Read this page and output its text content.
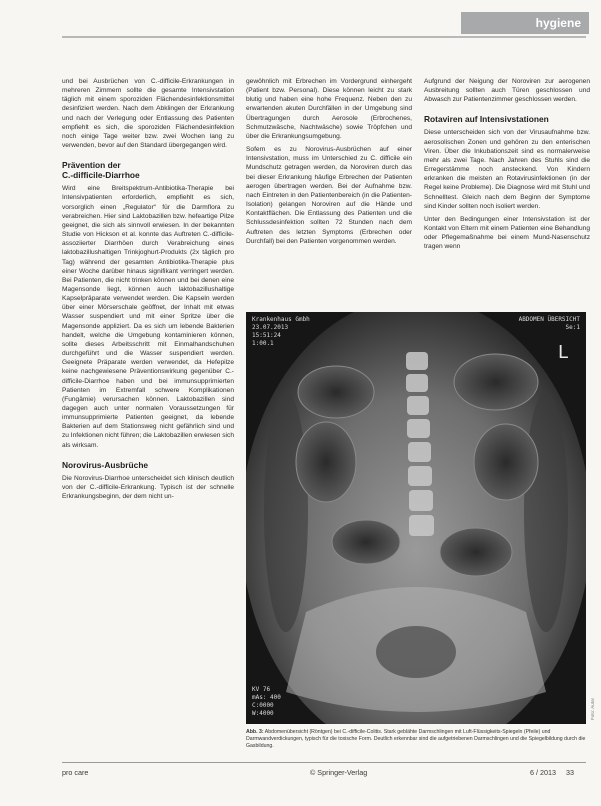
hygiene

und bei Ausbrüchen von C.-difficile-Erkrankungen in mehreren Zimmern sollte die gesamte Intensivstation täglich mit einem sporoziden Flächendesinfektionsmittel desinfiziert werden. Nach dem Abklingen der Erkrankung und nach der Verlegung oder Entlassung des Patienten empfiehlt es sich, die sporoziden Flächendesinfektion noch einige Tage weiter bzw. zwei Wochen lang zu verwenden, bevor auf den Standard übergegangen wird.

Prävention der
C.-difficile-Diarrhoe

Wird eine Breitspektrum-Antibiotika-Therapie bei Intensivpatienten erforderlich, empfiehlt es sich, vorsorglich einen „Regulator“ für die Darmflora zu verabreichen. Hier sind Laktobazillen bzw. hefeartige Pilze geeignet, die sich als sinnvoll erwiesen. In der bekannten Studie von Hickson et al. konnte das Auftreten C.-difficile-assoziierter Diarrhöen durch Verabreichung eines laktobazillushaltigen Trinkjoghurt-Produkts (2x täglich pro Tag) während der gesamten Antibiotika-Therapie plus einer Woche darüber hinaus signifikant verringert werden. Bei Patienten, die nicht trinken können und bei denen eine Magensonde liegt, können auch laktobazillushaltige Kapselpräparate verwendet werden. Die Kapseln werden über einer Mörserschale geöffnet, der Inhalt mit etwas Wasser suspendiert und mit einer Spritze über die Magensonde appliziert. Da es sich um lebende Bakterien handelt, welche die Umgebung kontaminieren können, sollte dieses Arbeitsschritt mit Einmalhandschuhen durchgeführt und die Wasser suspendiert werden. Geeignete Präparate werden verwendet, da Hefepilze keine nachgewiesene Präventionswirkung gegenüber C.-difficile-Diarrhoe haben und bei immunsupprimierten Patienten im Extremfall schwere Komplikationen (Fungämie) verursachen können. Laktobazillen sind dagegen auch unter normalen Voraussetzungen für immunsupprimierte Patienten geeignet, da lebende Bakterien auf dem Stationsweg nicht gefährlich sind und zu Infektionen nicht führen; die Laktobazillen erwiesen sich als wirksam.

Norovirus-Ausbrüche

Die Norovirus-Diarrhoe unterscheidet sich klinisch deutlich von der C.-difficile-Erkrankung. Typisch ist der schnelle Erkrankungsbeginn, der dem nicht un-

gewöhnlich mit Erbrechen im Vordergrund einhergeht (Patient bzw. Personal). Diese können leicht zu stark blutig und haben eine hohe Frequenz. Neben den zu erwartenden akuten Durchfällen in der Umgebung sind Übertragungen durch Aerosole (Erbrochenes, Schmutzwäsche, Nachtwäsche) sowie Tröpfchen und über die Erkrankungsumgebung.

Sofern es zu Norovirus-Ausbrüchen auf einer Intensivstation, muss im Unterschied zu C. difficile ein Mundschutz getragen werden, da Noroviren durch das bei dieser Erkrankung häufige Erbrechen der Patienten aerogen übertragen werden. Bei der Aufnahme bzw. nach Eintreten in den Patientenbereich (in die Patienten-Isolation) gelangen Noroviren auf die Hände und Kontaktflächen. Die Entlassung des Patienten und die Schlussdesinfektion sollten 72 Stunden nach dem Auftreten des letzten Symptoms (Erbrechen oder Durchfall) bei den Patienten vorgenommen werden.

Aufgrund der Neigung der Noroviren zur aerogenen Ausbreitung sollten auch Türen geschlossen und Abwasch zur Patientenzimmer geschlossen werden.

Rotaviren auf Intensivstationen

Diese unterscheiden sich von der Virusaufnahme bzw. aerosolischen Zonen und gehören zu den enterischen Viren. Über die Inkubationszeit sind es normalerweise mehr als zwei Tage. Nach Jahren des Stuhls sind die Erregerstämme noch ansteckend. Von Kindern erkranken die meisten an Rotavirusinfektionen (in der Regel keine Probleme). Die Diagnose wird mit Stuhl und Schnelltest. Gleich nach dem Beginn der Symptome sind Kinder sollten noch isoliert werden.

Unter den Bedingungen einer Intensivstation ist der Kontakt von Eltern mit einem Patienten eine Behandlung oder Pflegemaßnahme bei einem Mund-Nasenschutz tragen wenn

Krankenhaus Gmbh
23.07.2013
15:51:24
1:00.1
ABDOMEN ÜBERSICHT
Se:1
L
KV 76
mAs: 400
C:0000
W:4000	Foto: Autor
Abb. 3: Abdomenübersicht (Röntgen) bei C.-difficile-Colitis. Stark geblähte Darmschlingen mit Luft-Flüssigkeits-Spiegeln (Pfeile) und Darmwandverdickungen, typisch für die toxische Form. Deutlich erkennbar sind die aufgetriebenen Darmschlingen und die Spiegelbildung durch die Gasbildung.
pro care	© Springer-Verlag	6 / 2013 33
